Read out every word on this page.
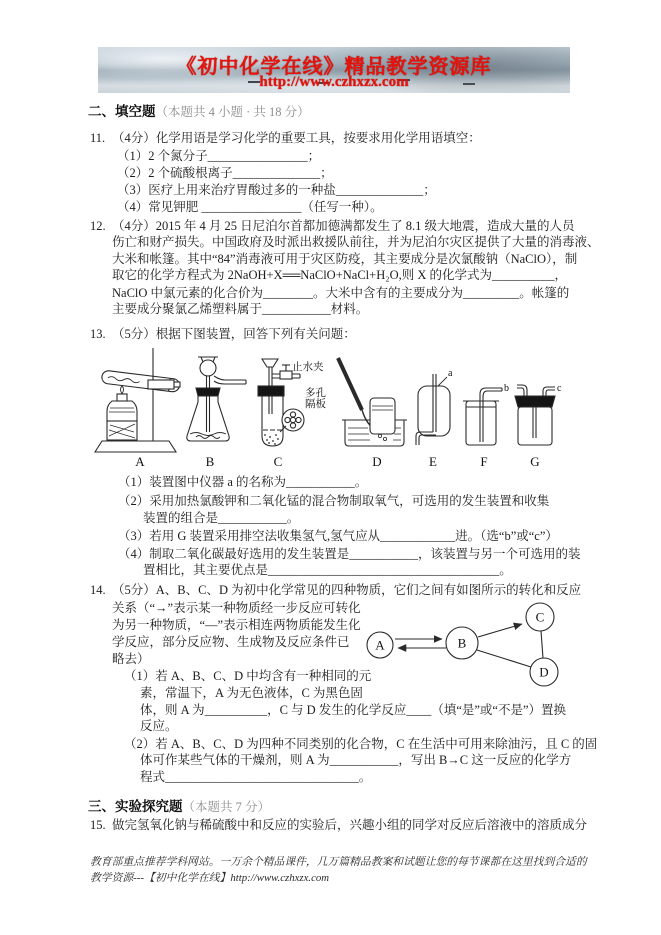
《初中化学在线》精品教学资源库
http://www.czhxzx.com
二、填空题（本题共 4 小题 · 共 18 分）
11. （4分）化学用语是学习化学的重要工具，按要求用化学用语填空：
（1）2 个氮分子________________；
（2）2 个硫酸根离子______________；
（3）医疗上用来治疗胃酸过多的一种盐______________；
（4）常见钾肥 ________________（任写一种）。
12. （4分）2015 年 4 月 25 日尼泊尔首都加德满都发生了 8.1 级大地震，造成大量的人员
伤亡和财产损失。中国政府及时派出救援队前往，并为尼泊尔灾区提供了大量的消毒液、
大米和帐篷。其中“84”消毒液可用于灾区防疫，其主要成分是次氯酸钠（NaClO），制
取它的化学方程式为 2NaOH+X══NaClO+NaCl+H₂O,则 X 的化学式为__________，
NaClO 中氯元素的化合价为________。大米中含有的主要成分为_________。帐篷的
主要成分聚氯乙烯塑料属于___________材料。
13. （5分）根据下图装置，回答下列有关问题：
止水夹
多孔
隔板
a
b	c
A	B	C	D	E	F	G
（1）装置图中仪器 a 的名称为___________。
（2）采用加热氯酸钾和二氧化锰的混合物制取氧气，可选用的发生装置和收集
装置的组合是___________。
（3）若用 G 装置采用排空法收集氢气,氢气应从____________进。（选“b”或“c”）
（4）制取二氧化碳最好选用的发生装置是___________，该装置与另一个可选用的装
置相比，其主要优点是_____________________________________。
14. （5分）A、B、C、D 为初中化学常见的四种物质，它们之间有如图所示的转化和反应
关系（“→”表示某一种物质经一步反应可转化
为另一种物质，“—”表示相连两物质能发生化
学反应，部分反应物、生成物及反应条件已
略去）
A	B
C
D
（1）若 A、B、C、D 中均含有一种相同的元
素，常温下，A 为无色液体，C 为黑色固
体，则 A 为__________，C 与 D 发生的化学反应____（填“是”或“不是”）置换
反应。
（2）若 A、B、C、D 为四种不同类别的化合物，C 在生活中可用来除油污，且 C 的固
体可作某些气体的干燥剂，则 A 为___________，写出 B→C 这一反应的化学方
程式_______________________________。
三、实验探究题（本题共 7 分）
15. 做完氢氧化钠与稀硫酸中和反应的实验后，兴趣小组的同学对反应后溶液中的溶质成分
教育部重点推荐学科网站。一万余个精品课件，几万篇精品教案和试题让您的每节课都在这里找到合适的
教学资源---【初中化学在线】http://www.czhxzx.com
